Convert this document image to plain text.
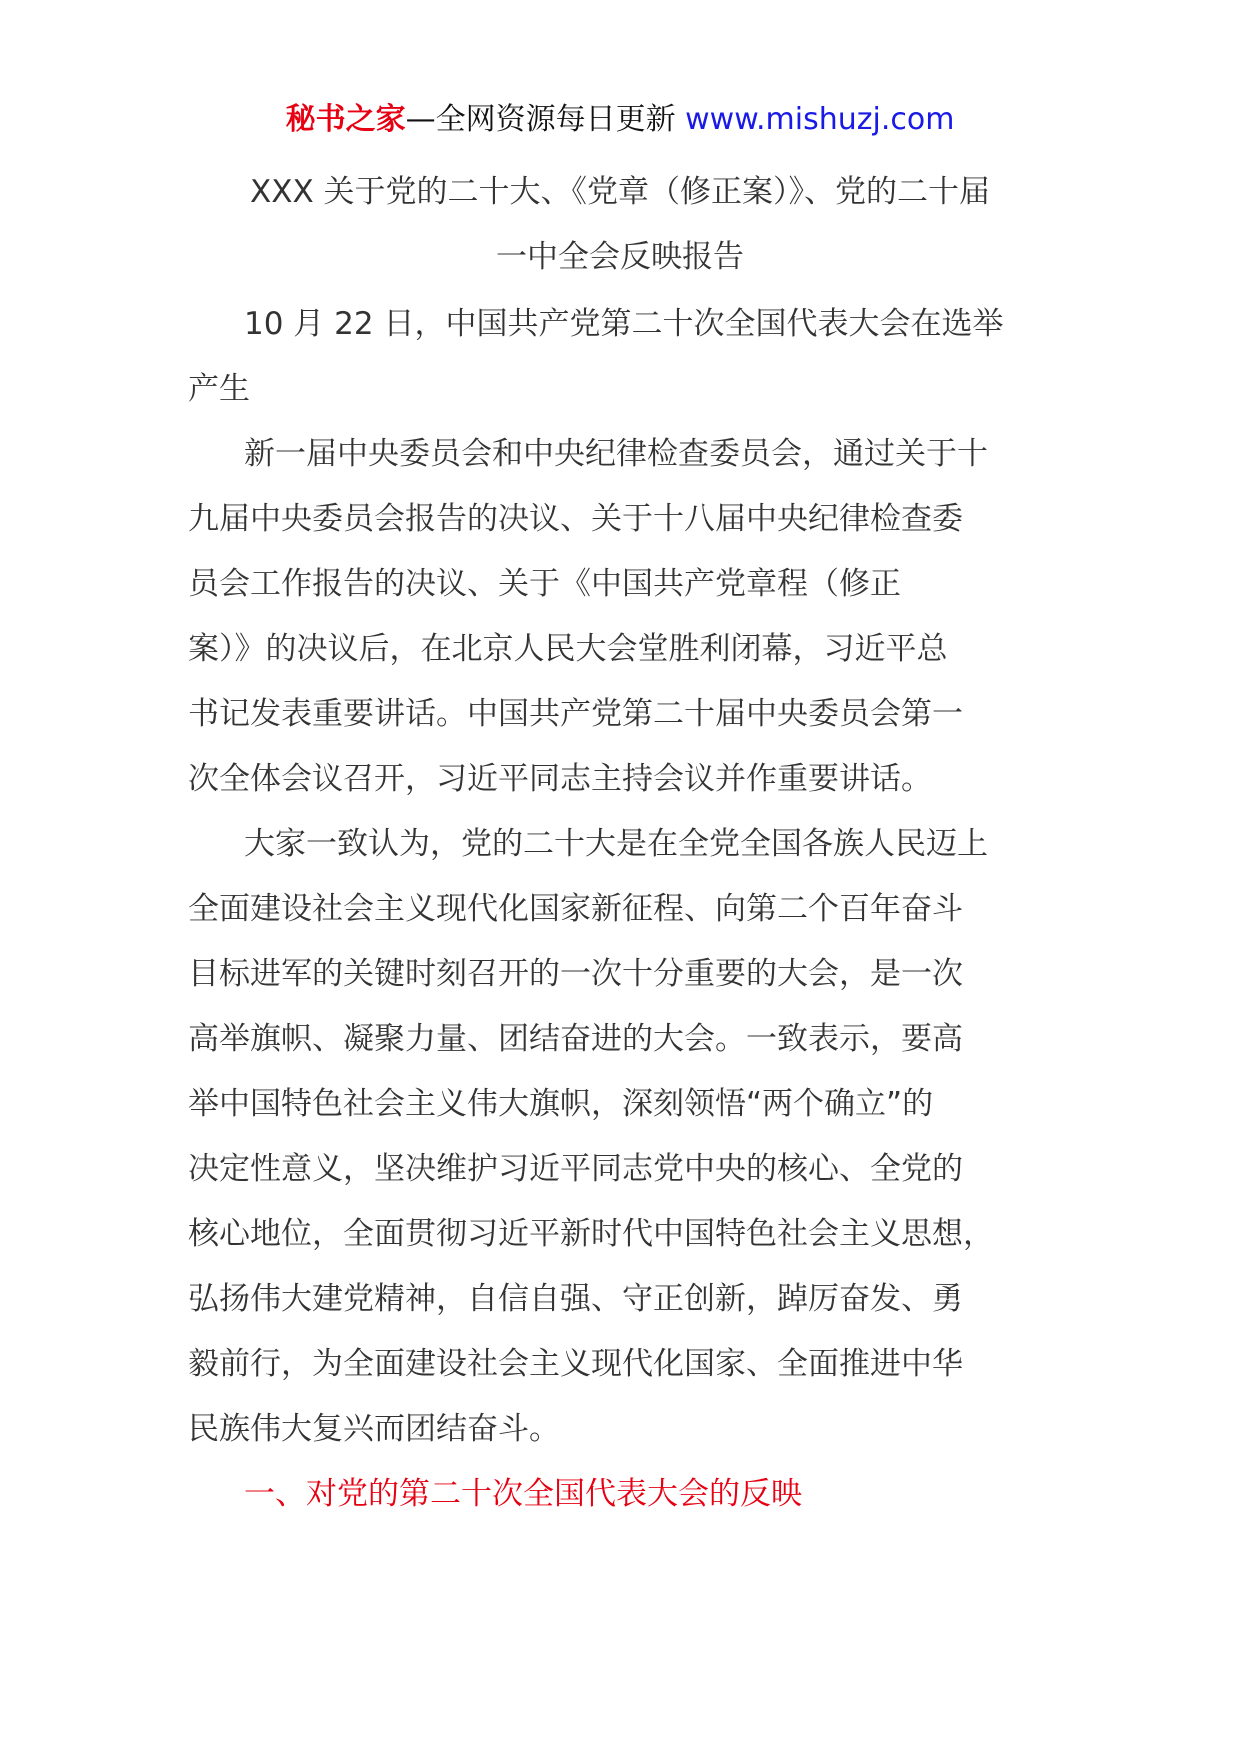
秘书之家—全网资源每日更新 www.mishuzj.com
XXX 关于党的二十大、《党章（修正案）》、党的二十届
一中全会反映报告
10 月 22 日，中国共产党第二十次全国代表大会在选举
产生
新一届中央委员会和中央纪律检查委员会，通过关于十
九届中央委员会报告的决议、关于十八届中央纪律检查委
员会工作报告的决议、关于《中国共产党章程（修正
案）》的决议后，在北京人民大会堂胜利闭幕，习近平总
书记发表重要讲话。中国共产党第二十届中央委员会第一
次全体会议召开，习近平同志主持会议并作重要讲话。
大家一致认为，党的二十大是在全党全国各族人民迈上
全面建设社会主义现代化国家新征程、向第二个百年奋斗
目标进军的关键时刻召开的一次十分重要的大会，是一次
高举旗帜、凝聚力量、团结奋进的大会。一致表示，要高
举中国特色社会主义伟大旗帜，深刻领悟“两个确立”的
决定性意义，坚决维护习近平同志党中央的核心、全党的
核心地位，全面贯彻习近平新时代中国特色社会主义思想，
弘扬伟大建党精神，自信自强、守正创新，踔厉奋发、勇
毅前行，为全面建设社会主义现代化国家、全面推进中华
民族伟大复兴而团结奋斗。
一、对党的第二十次全国代表大会的反映
